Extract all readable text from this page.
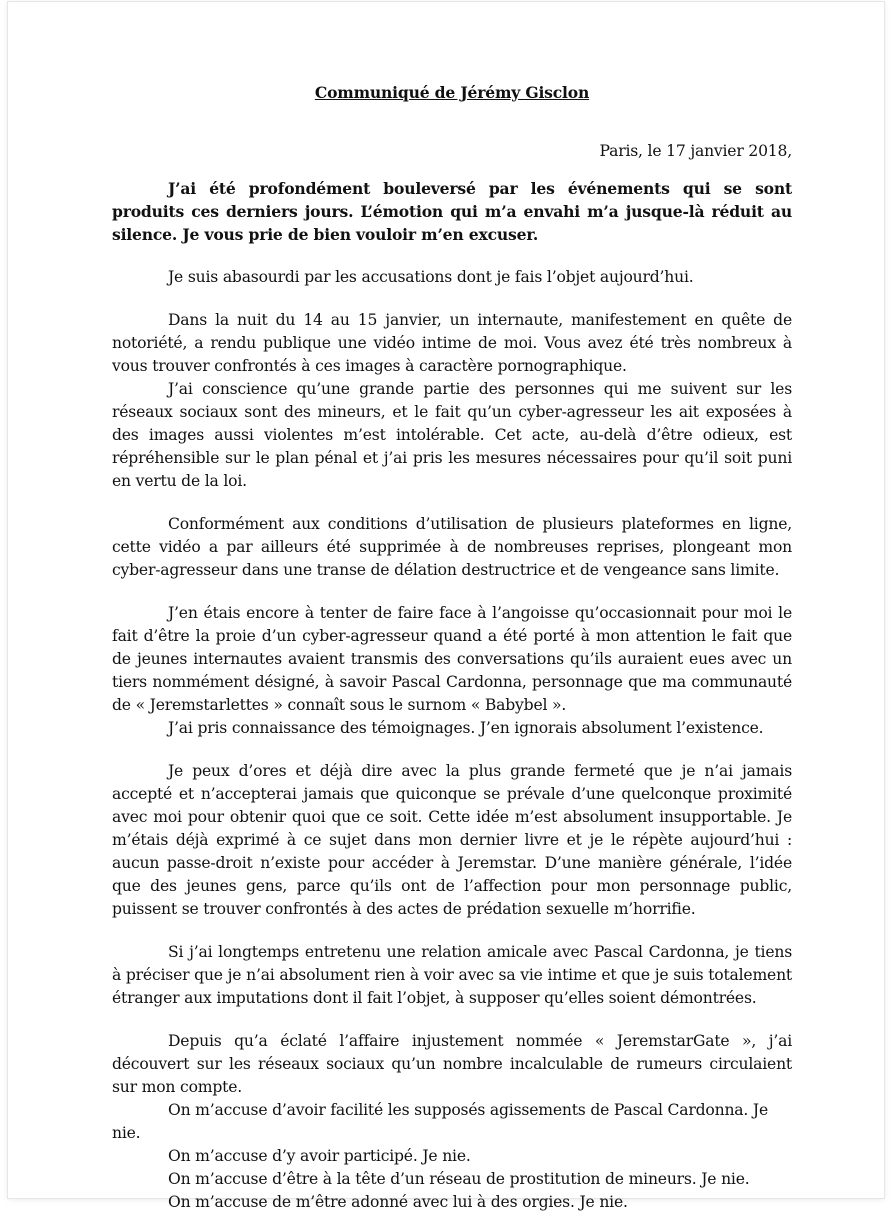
Communiqué de Jérémy Gisclon
Paris, le 17 janvier 2018,

J’ai été profondément bouleversé par les événements qui se sont produits ces derniers jours. L’émotion qui m’a envahi m’a jusque-là réduit au silence. Je vous prie de bien vouloir m’en excuser.

Je suis abasourdi par les accusations dont je fais l’objet aujourd’hui.

Dans la nuit du 14 au 15 janvier, un internaute, manifestement en quête de notoriété, a rendu publique une vidéo intime de moi. Vous avez été très nombreux à vous trouver confrontés à ces images à caractère pornographique.

J’ai conscience qu’une grande partie des personnes qui me suivent sur les réseaux sociaux sont des mineurs, et le fait qu’un cyber-agresseur les ait exposées à des images aussi violentes m’est intolérable. Cet acte, au-delà d’être odieux, est répréhensible sur le plan pénal et j’ai pris les mesures nécessaires pour qu’il soit puni en vertu de la loi.

Conformément aux conditions d’utilisation de plusieurs plateformes en ligne, cette vidéo a par ailleurs été supprimée à de nombreuses reprises, plongeant mon cyber-agresseur dans une transe de délation destructrice et de vengeance sans limite.

J’en étais encore à tenter de faire face à l’angoisse qu’occasionnait pour moi le fait d’être la proie d’un cyber-agresseur quand a été porté à mon attention le fait que de jeunes internautes avaient transmis des conversations qu’ils auraient eues avec un tiers nommément désigné, à savoir Pascal Cardonna, personnage que ma communauté de « Jeremstarlettes » connaît sous le surnom « Babybel ».

J’ai pris connaissance des témoignages. J’en ignorais absolument l’existence.

Je peux d’ores et déjà dire avec la plus grande fermeté que je n’ai jamais accepté et n’accepterai jamais que quiconque se prévale d’une quelconque proximité avec moi pour obtenir quoi que ce soit. Cette idée m’est absolument insupportable. Je m’étais déjà exprimé à ce sujet dans mon dernier livre et je le répète aujourd’hui : aucun passe-droit n’existe pour accéder à Jeremstar. D’une manière générale, l’idée que des jeunes gens, parce qu’ils ont de l’affection pour mon personnage public, puissent se trouver confrontés à des actes de prédation sexuelle m’horrifie.

Si j’ai longtemps entretenu une relation amicale avec Pascal Cardonna, je tiens à préciser que je n’ai absolument rien à voir avec sa vie intime et que je suis totalement étranger aux imputations dont il fait l’objet, à supposer qu’elles soient démontrées.

Depuis qu’a éclaté l’affaire injustement nommée « JeremstarGate », j’ai découvert sur les réseaux sociaux qu’un nombre incalculable de rumeurs circulaient sur mon compte.

On m’accuse d’avoir facilité les supposés agissements de Pascal Cardonna. Je nie.
On m’accuse d’y avoir participé. Je nie.
On m’accuse d’être à la tête d’un réseau de prostitution de mineurs. Je nie.
On m’accuse de m’être adonné avec lui à des orgies. Je nie.
